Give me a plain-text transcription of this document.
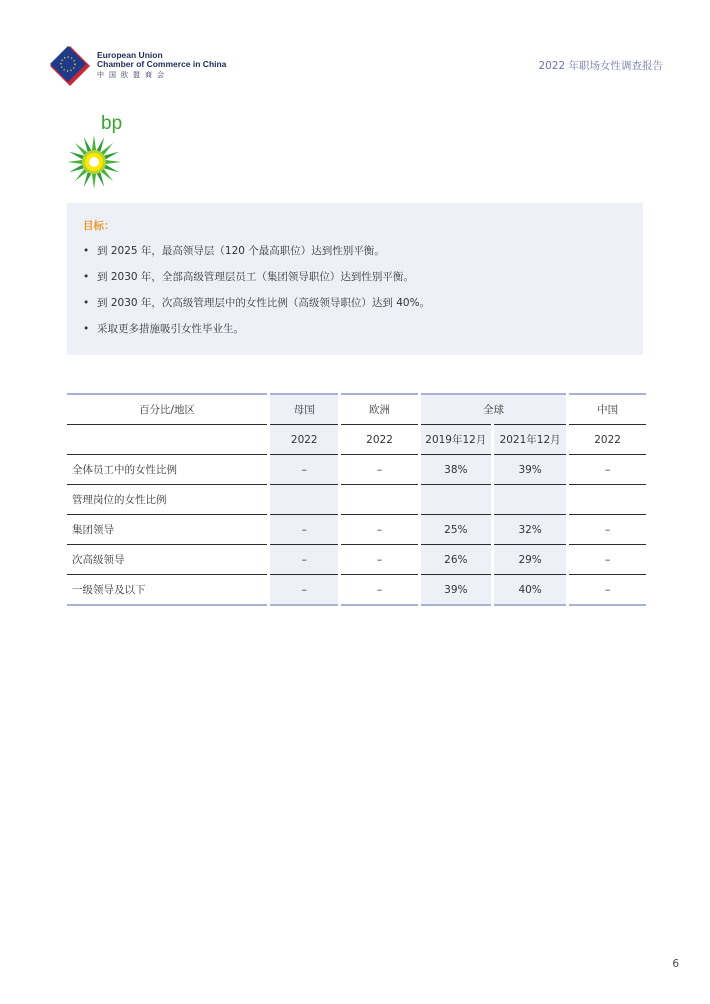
European Union
Chamber of Commerce in China
中国欧盟商会
2022 年职场女性调查报告
bp
目标：
• 到 2025 年，最高领导层（120 个最高职位）达到性别平衡。
• 到 2030 年，全部高级管理层员工（集团领导职位）达到性别平衡。
• 到 2030 年，次高级管理层中的女性比例（高级领导职位）达到 40%。
• 采取更多措施吸引女性毕业生。
百分比/地区	母国	欧洲	全球		中国
	2022	2022	2019年12月	2021年12月	2022
全体员工中的女性比例	–	–	38%	39%	–
管理岗位的女性比例					
集团领导	–	–	25%	32%	–
次高级领导	–	–	26%	29%	–
一级领导及以下	–	–	39%	40%	–
6
